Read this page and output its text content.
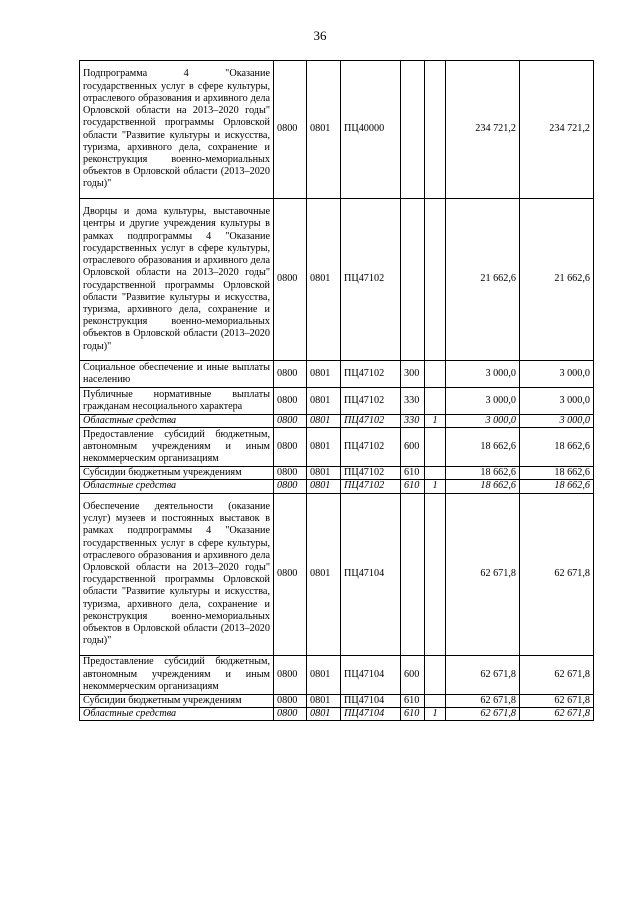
36
Подпрограмма 4 "Оказание государственных услуг в сфере культуры, отраслевого образования и архивного дела Орловской области на 2013–2020 годы" государственной программы Орловской области "Развитие культуры и искусства, туризма, архивного дела, сохранение и реконструкция военно-мемориальных объектов в Орловской области (2013–2020 годы)"	0800	0801	ПЦ40000			234 721,2	234 721,2
Дворцы и дома культуры, выставочные центры и другие учреждения культуры в рамках подпрограммы 4 "Оказание государственных услуг в сфере культуры, отраслевого образования и архивного дела Орловской области на 2013–2020 годы" государственной программы Орловской области "Развитие культуры и искусства, туризма, архивного дела, сохранение и реконструкция военно-мемориальных объектов в Орловской области (2013–2020 годы)"	0800	0801	ПЦ47102			21 662,6	21 662,6
Социальное обеспечение и иные выплаты населению	0800	0801	ПЦ47102	300		3 000,0	3 000,0
Публичные нормативные выплаты гражданам несоциального характера	0800	0801	ПЦ47102	330		3 000,0	3 000,0
Областные средства	0800	0801	ПЦ47102	330	1	3 000,0	3 000,0
Предоставление субсидий бюджетным, автономным учреждениям и иным некоммерческим организациям	0800	0801	ПЦ47102	600		18 662,6	18 662,6
Субсидии бюджетным учреждениям	0800	0801	ПЦ47102	610		18 662,6	18 662,6
Областные средства	0800	0801	ПЦ47102	610	1	18 662,6	18 662,6
Обеспечение деятельности (оказание услуг) музеев и постоянных выставок в рамках подпрограммы 4 "Оказание государственных услуг в сфере культуры, отраслевого образования и архивного дела Орловской области на 2013–2020 годы" государственной программы Орловской области "Развитие культуры и искусства, туризма, архивного дела, сохранение и реконструкция военно-мемориальных объектов в Орловской области (2013–2020 годы)"	0800	0801	ПЦ47104			62 671,8	62 671,8
Предоставление субсидий бюджетным, автономным учреждениям и иным некоммерческим организациям	0800	0801	ПЦ47104	600		62 671,8	62 671,8
Субсидии бюджетным учреждениям	0800	0801	ПЦ47104	610		62 671,8	62 671,8
Областные средства	0800	0801	ПЦ47104	610	1	62 671,8	62 671,8
